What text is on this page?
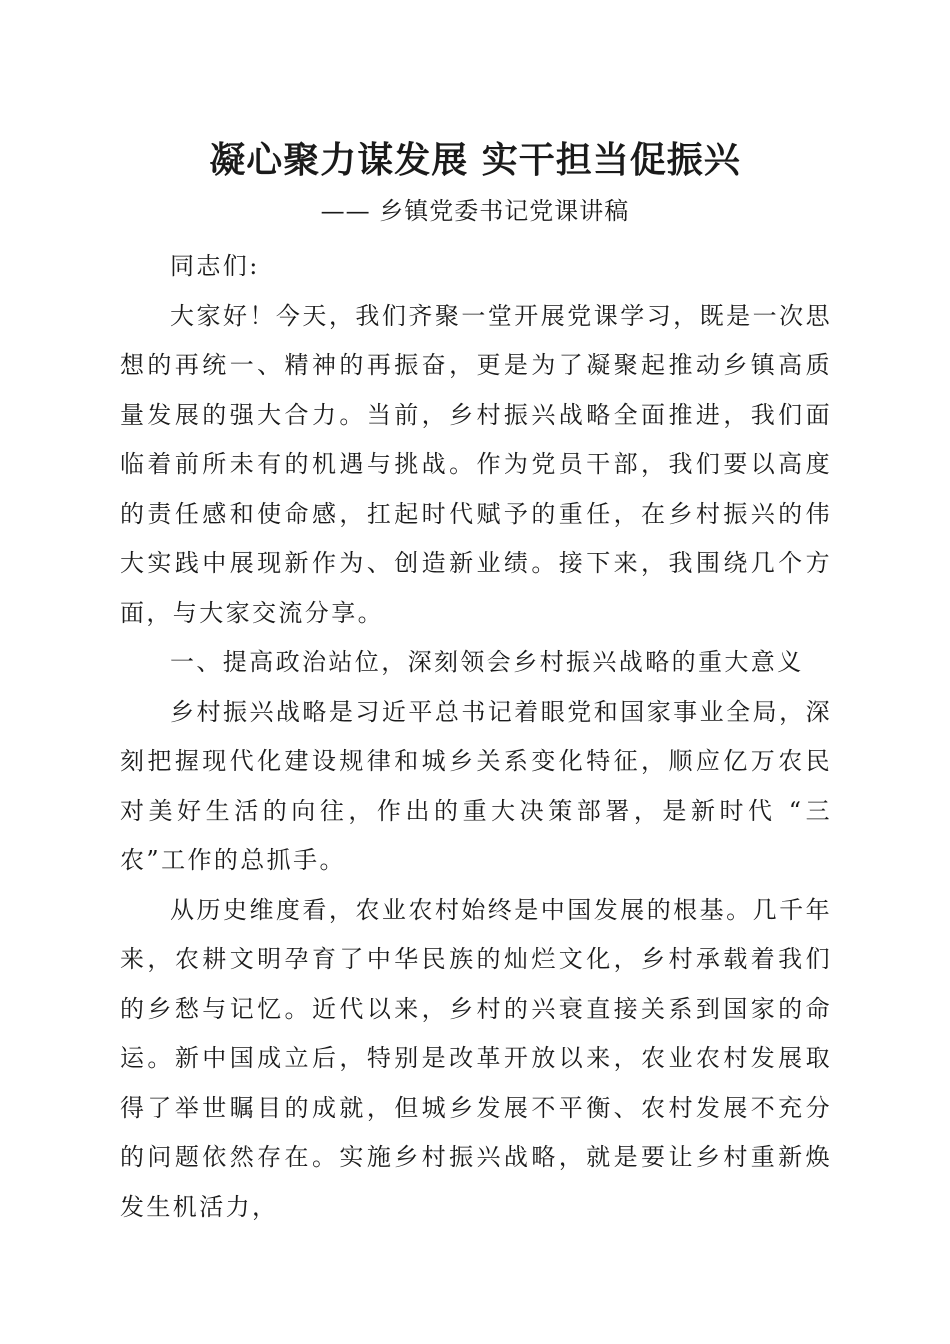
凝心聚力谋发展 实干担当促振兴
—— 乡镇党委书记党课讲稿

同志们:

大家好！今天，我们齐聚一堂开展党课学习，既是一次思想的再统一、精神的再振奋，更是为了凝聚起推动乡镇高质量发展的强大合力。当前，乡村振兴战略全面推进，我们面临着前所未有的机遇与挑战。作为党员干部，我们要以高度的责任感和使命感，扛起时代赋予的重任，在乡村振兴的伟大实践中展现新作为、创造新业绩。接下来，我围绕几个方面，与大家交流分享。

一、提高政治站位，深刻领会乡村振兴战略的重大意义

乡村振兴战略是习近平总书记着眼党和国家事业全局，深刻把握现代化建设规律和城乡关系变化特征，顺应亿万农民对美好生活的向往，作出的重大决策部署，是新时代 “三农”工作的总抓手。

从历史维度看，农业农村始终是中国发展的根基。几千年来，农耕文明孕育了中华民族的灿烂文化，乡村承载着我们的乡愁与记忆。近代以来，乡村的兴衰直接关系到国家的命运。新中国成立后，特别是改革开放以来，农业农村发展取得了举世瞩目的成就，但城乡发展不平衡、农村发展不充分的问题依然存在。实施乡村振兴战略，就是要让乡村重新焕发生机活力，
